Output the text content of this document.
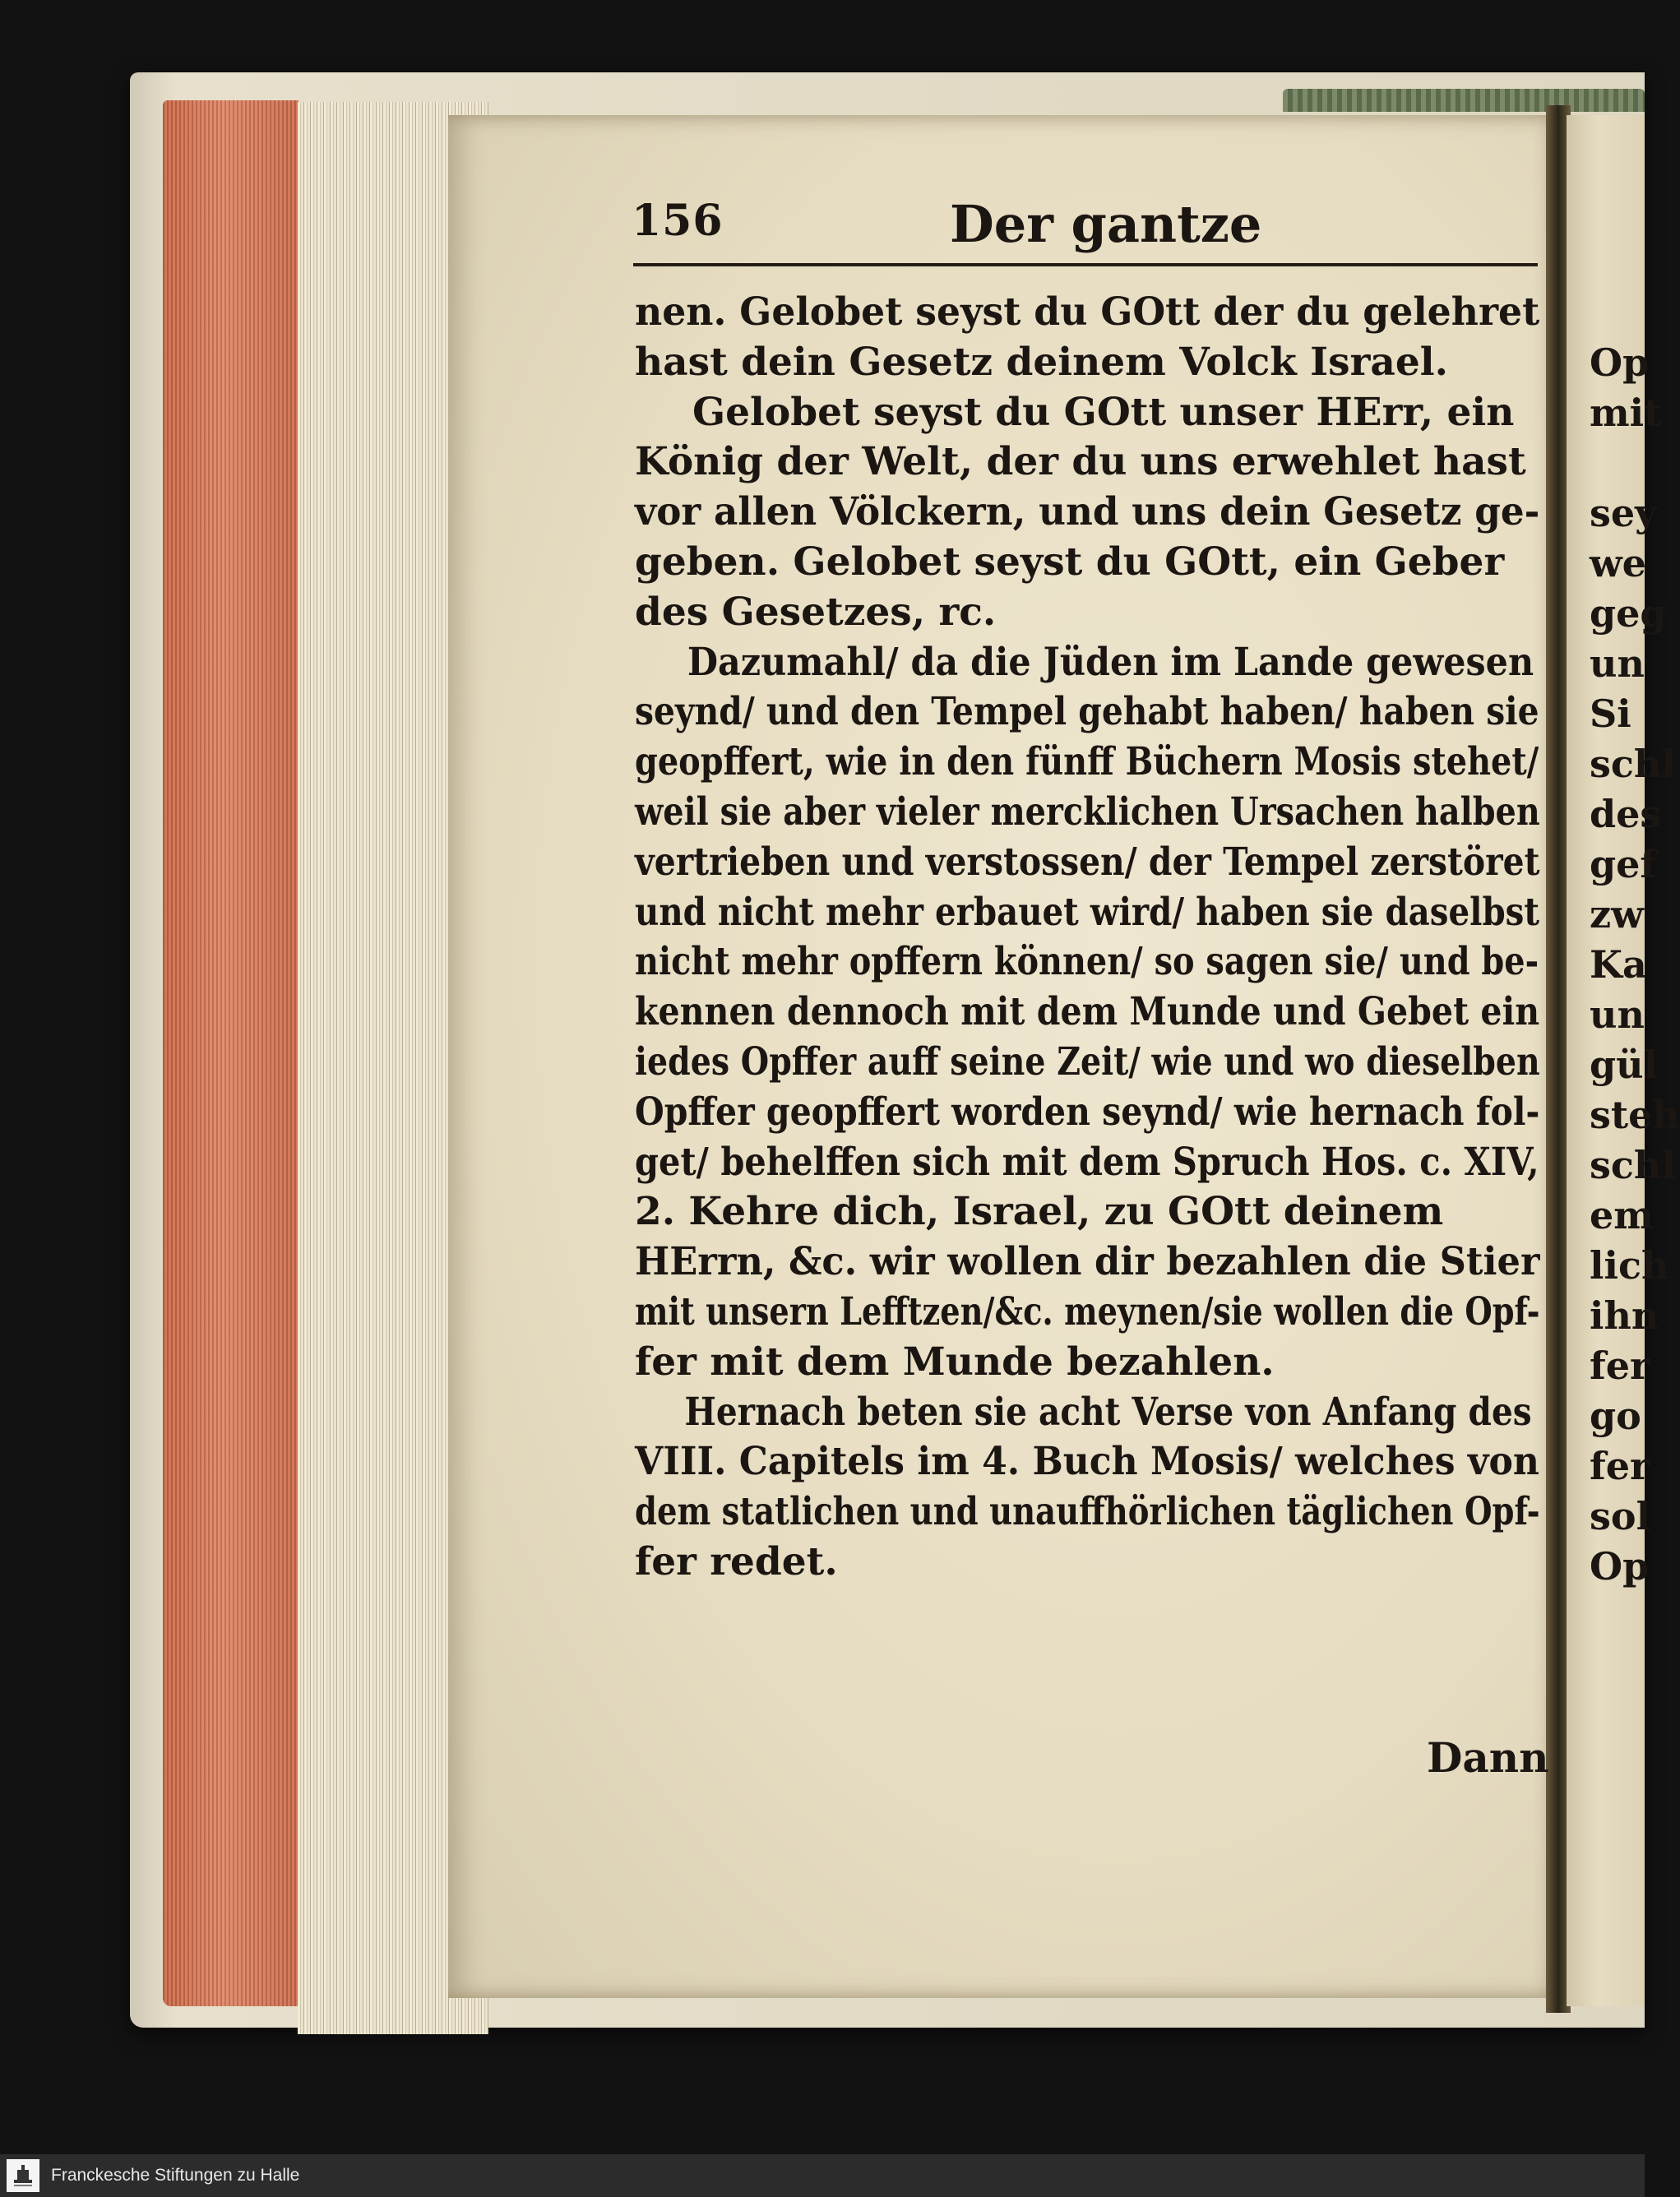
156	Der gantze
nen. Gelobet seyst du GOtt der du gelehret
hast dein Gesetz deinem Volck Israel.
Gelobet seyst du GOtt unser HErr, ein
König der Welt, der du uns erwehlet hast
vor allen Völckern, und uns dein Gesetz ge-
geben. Gelobet seyst du GOtt, ein Geber
des Gesetzes, rc.
Dazumahl/ da die Jüden im Lande gewesen
seynd/ und den Tempel gehabt haben/ haben sie
geopffert, wie in den fünff Büchern Mosis stehet/
weil sie aber vieler mercklichen Ursachen halben
vertrieben und verstossen/ der Tempel zerstöret
und nicht mehr erbauet wird/ haben sie daselbst
nicht mehr opffern können/ so sagen sie/ und be-
kennen dennoch mit dem Munde und Gebet ein
iedes Opffer auff seine Zeit/ wie und wo dieselben
Opffer geopffert worden seynd/ wie hernach fol-
get/ behelffen sich mit dem Spruch Hos. c. XIV,
2. Kehre dich, Israel, zu GOtt deinem
HErrn, &c. wir wollen dir bezahlen die Stier
mit unsern Lefftzen/&c. meynen/sie wollen die Opf-
fer mit dem Munde bezahlen.
Hernach beten sie acht Verse von Anfang des
VIII. Capitels im 4. Buch Mosis/ welches von
dem statlichen und unauffhörlichen täglichen Opf-
fer redet.
Dann
Op
mit
sey
we
geg
un
Si
schl
des
gef
zw
Ka
un
gül
steh
schl
em
lich
ihn
fer
go
fer
sol
Op
Franckesche Stiftungen zu Halle
